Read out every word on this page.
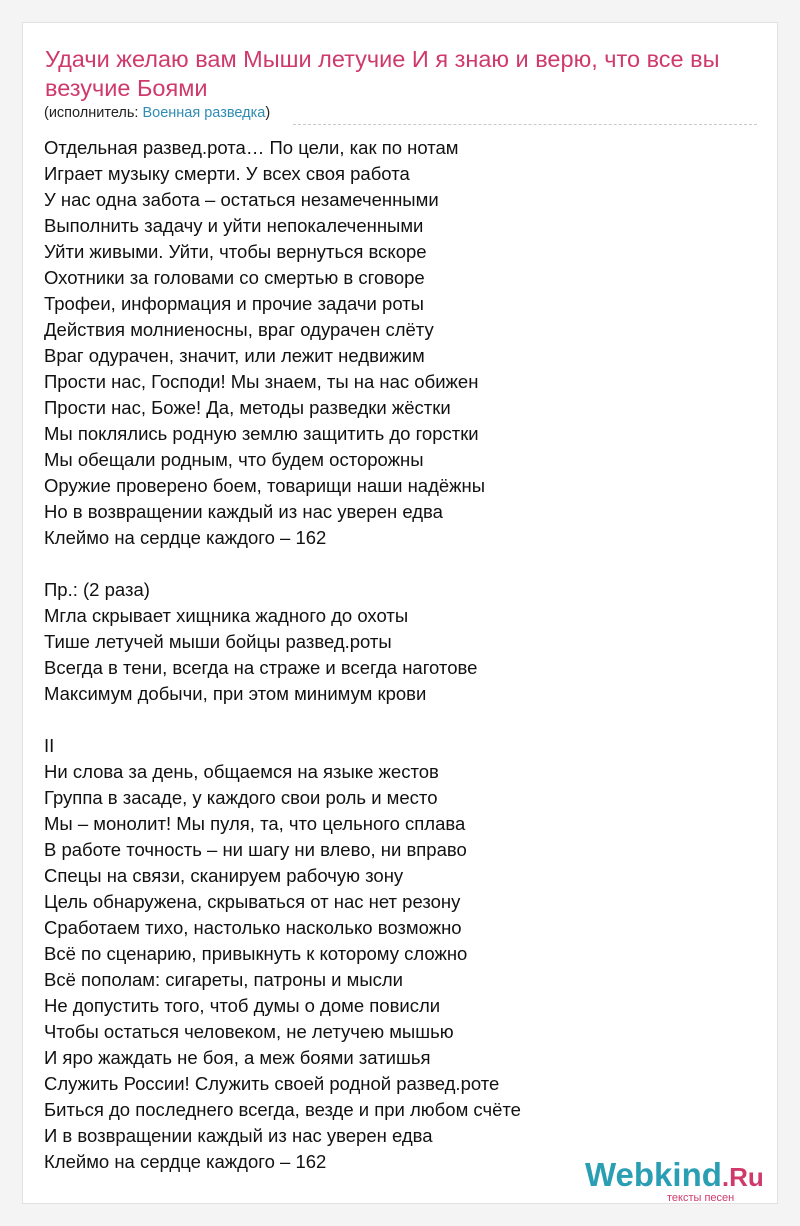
Удачи желаю вам Мыши летучие И я знаю и верю, что все вы везучие Боями
(исполнитель: Военная разведка)
Отдельная развед.рота… По цели, как по нотам
Играет музыку смерти. У всех своя работа
У нас одна забота – остаться незамеченными
Выполнить задачу и уйти непокалеченными
Уйти живыми. Уйти, чтобы вернуться вскоре
Охотники за головами со смертью в сговоре
Трофеи, информация и прочие задачи роты
Действия молниеносны, враг одурачен слёту
Враг одурачен, значит, или лежит недвижим
Прости нас, Господи! Мы знаем, ты на нас обижен
Прости нас, Боже! Да, методы разведки жёстки
Мы поклялись родную землю защитить до горстки
Мы обещали родным, что будем осторожны
Оружие проверено боем, товарищи наши надёжны
Но в возвращении каждый из нас уверен едва
Клеймо на сердце каждого – 162
Пр.: (2 раза)
Мгла скрывает хищника жадного до охоты
Тише летучей мыши бойцы развед.роты
Всегда в тени, всегда на страже и всегда наготове
Максимум добычи, при этом минимум крови
II
Ни слова за день, общаемся на языке жестов
Группа в засаде, у каждого свои роль и место
Мы – монолит! Мы пуля, та, что цельного сплава
В работе точность – ни шагу ни влево, ни вправо
Спецы на связи, сканируем рабочую зону
Цель обнаружена, скрываться от нас нет резону
Сработаем тихо, настолько насколько возможно
Всё по сценарию, привыкнуть к которому сложно
Всё пополам: сигареты, патроны и мысли
Не допустить того, чтоб думы о доме повисли
Чтобы остаться человеком, не летучею мышью
И яро жаждать не боя, а меж боями затишья
Служить России! Служить своей родной развед.роте
Биться до последнего всегда, везде и при любом счёте
И в возвращении каждый из нас уверен едва
Клеймо на сердце каждого – 162	Webkind.Ru
тексты песен
